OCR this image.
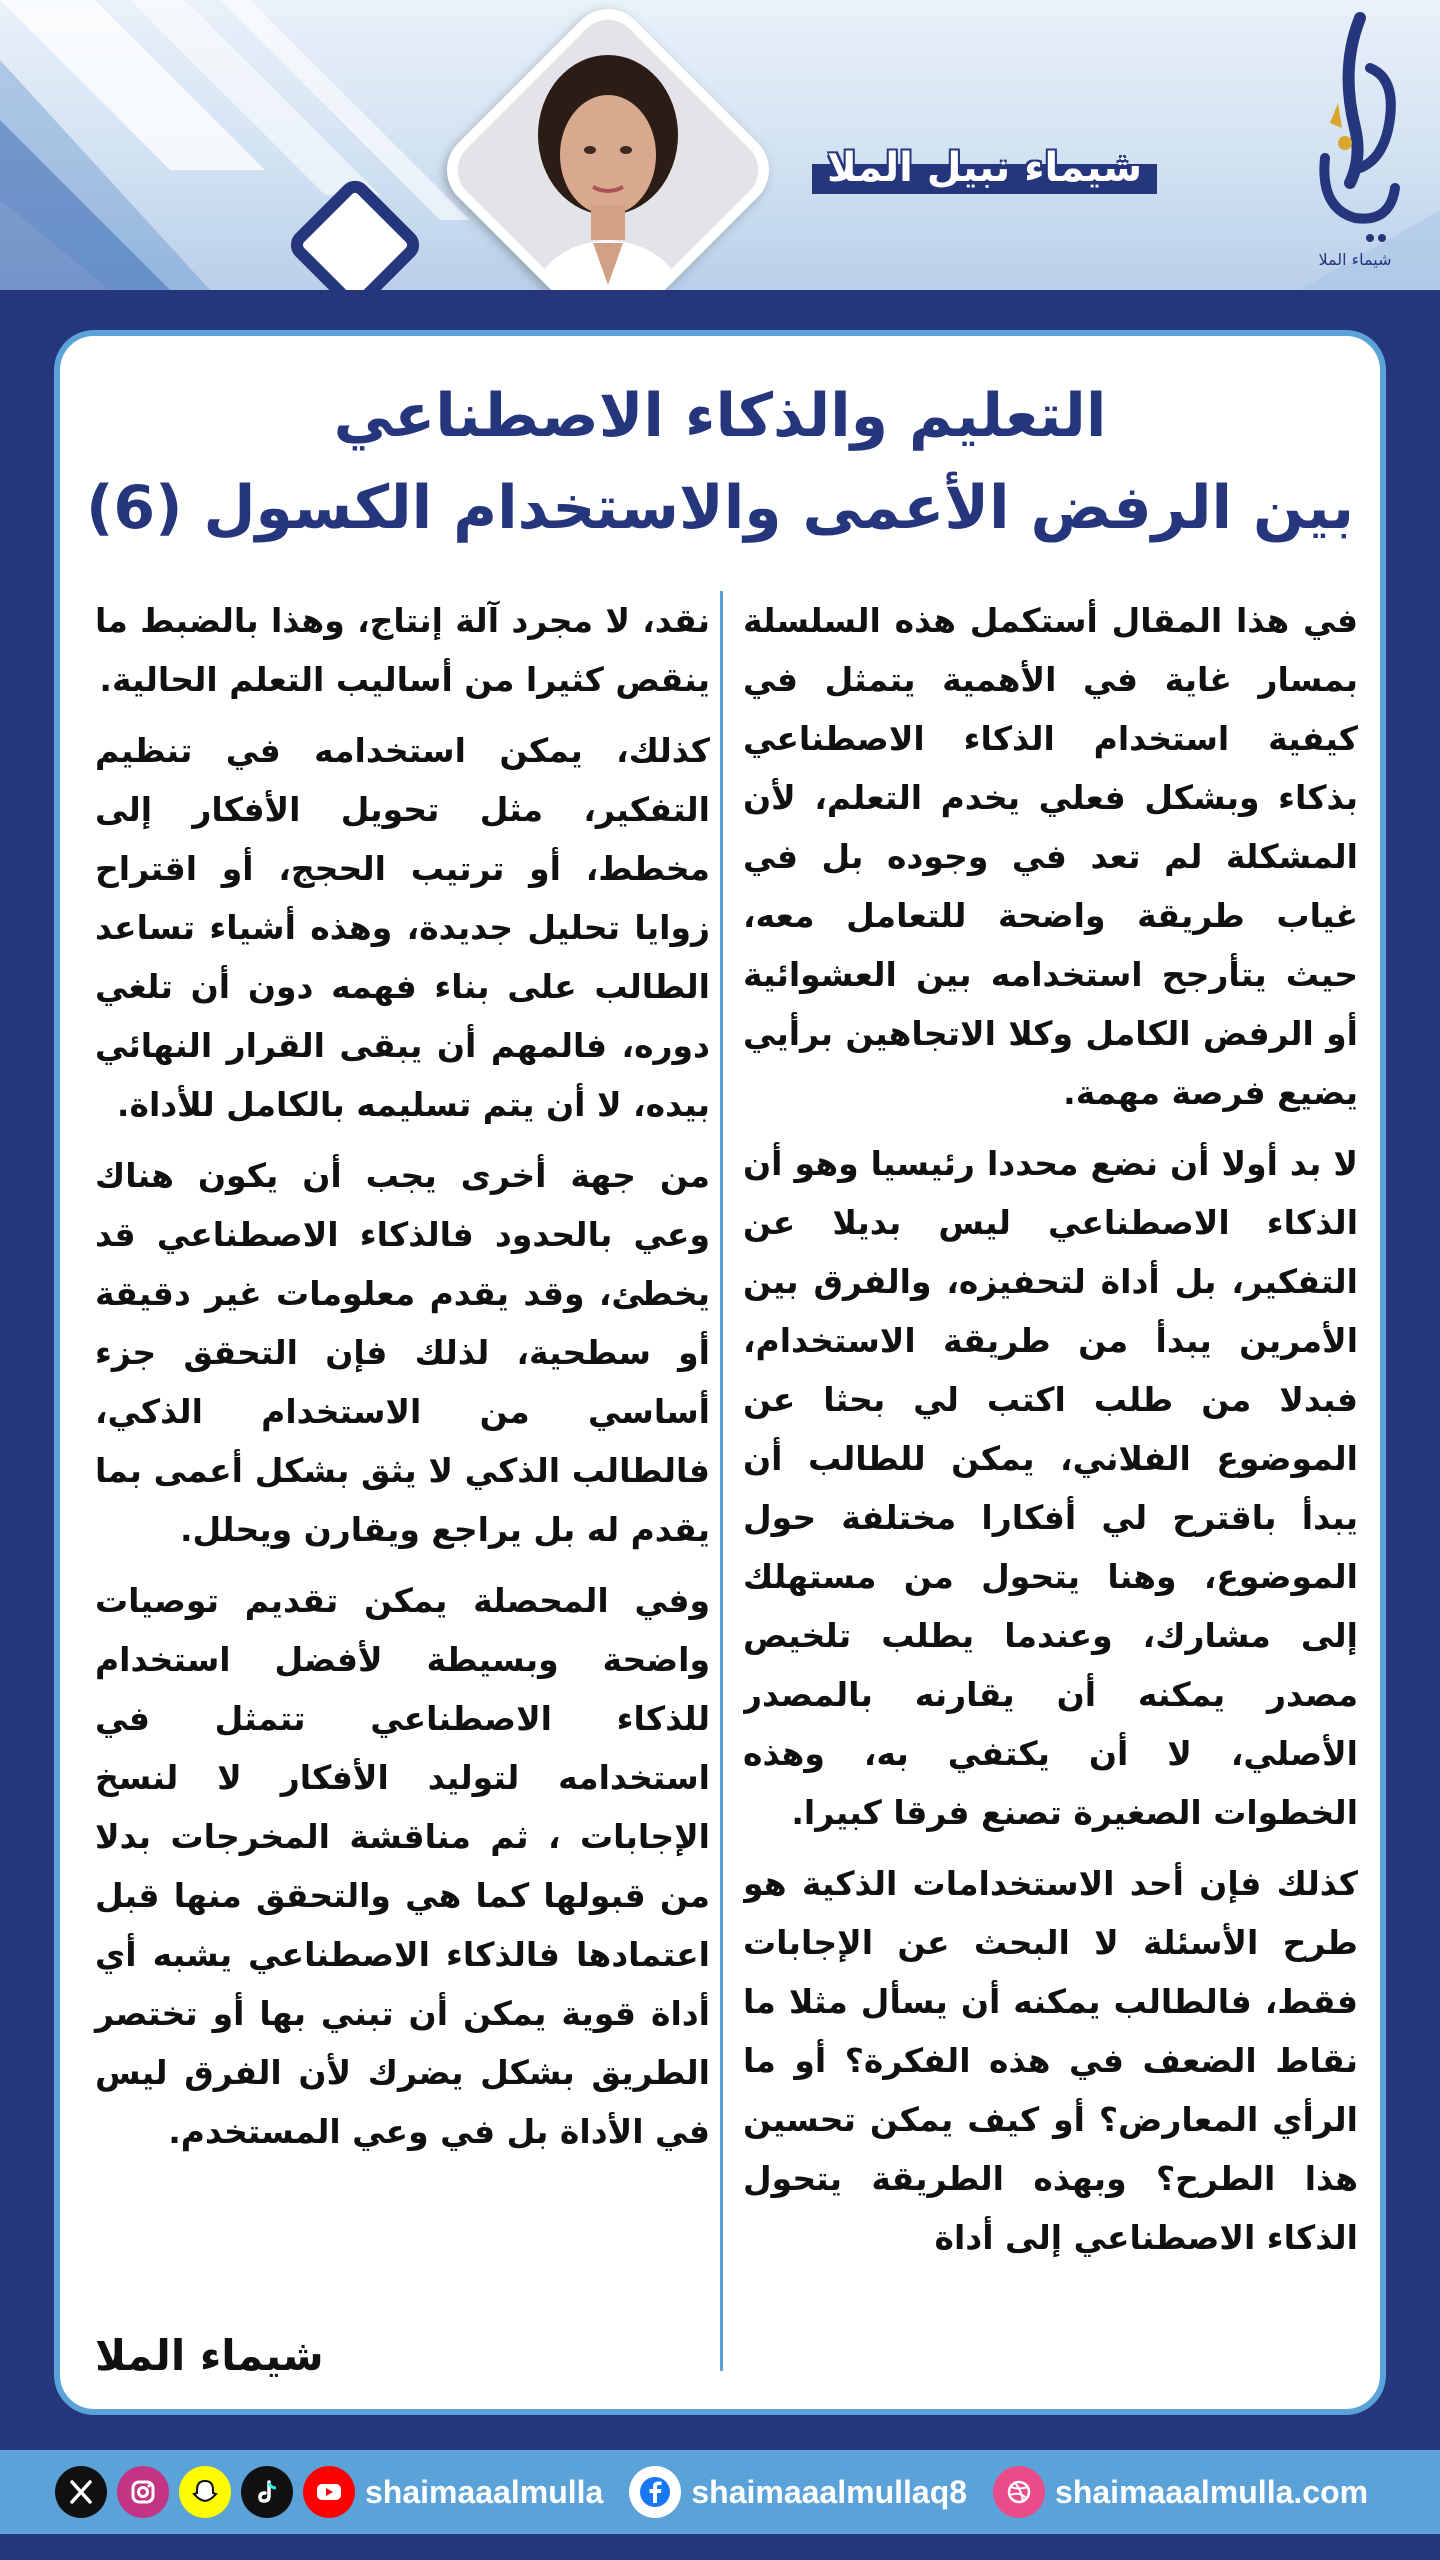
شيماء نبيل الملا
شيماء الملا
التعليم والذكاء الاصطناعي
بين الرفض الأعمى والاستخدام الكسول (6)

في هذا المقال أستكمل هذه السلسلة بمسار غاية في الأهمية يتمثل في كيفية استخدام الذكاء الاصطناعي بذكاء وبشكل فعلي يخدم التعلم، لأن المشكلة لم تعد في وجوده بل في غياب طريقة واضحة للتعامل معه، حيث يتأرجح استخدامه بين العشوائية أو الرفض الكامل وكلا الاتجاهين برأيي يضيع فرصة مهمة.

لا بد أولا أن نضع محددا رئيسيا وهو أن الذكاء الاصطناعي ليس بديلا عن التفكير، بل أداة لتحفيزه، والفرق بين الأمرين يبدأ من طريقة الاستخدام، فبدلا من طلب اكتب لي بحثا عن الموضوع الفلاني، يمكن للطالب أن يبدأ باقترح لي أفكارا مختلفة حول الموضوع، وهنا يتحول من مستهلك إلى مشارك، وعندما يطلب تلخيص مصدر يمكنه أن يقارنه بالمصدر الأصلي، لا أن يكتفي به، وهذه الخطوات الصغيرة تصنع فرقا كبيرا.

كذلك فإن أحد الاستخدامات الذكية هو طرح الأسئلة لا البحث عن الإجابات فقط، فالطالب يمكنه أن يسأل مثلا ما نقاط الضعف في هذه الفكرة؟ أو ما الرأي المعارض؟ أو كيف يمكن تحسين هذا الطرح؟ وبهذه الطريقة يتحول الذكاء الاصطناعي إلى أداة

نقد، لا مجرد آلة إنتاج، وهذا بالضبط ما ينقص كثيرا من أساليب التعلم الحالية.

كذلك، يمكن استخدامه في تنظيم التفكير، مثل تحويل الأفكار إلى مخطط، أو ترتيب الحجج، أو اقتراح زوايا تحليل جديدة، وهذه أشياء تساعد الطالب على بناء فهمه دون أن تلغي دوره، فالمهم أن يبقى القرار النهائي بيده، لا أن يتم تسليمه بالكامل للأداة.

من جهة أخرى يجب أن يكون هناك وعي بالحدود فالذكاء الاصطناعي قد يخطئ، وقد يقدم معلومات غير دقيقة أو سطحية، لذلك فإن التحقق جزء أساسي من الاستخدام الذكي، فالطالب الذكي لا يثق بشكل أعمى بما يقدم له بل يراجع ويقارن ويحلل.

وفي المحصلة يمكن تقديم توصيات واضحة وبسيطة لأفضل استخدام للذكاء الاصطناعي تتمثل في استخدامه لتوليد الأفكار لا لنسخ الإجابات ، ثم مناقشة المخرجات بدلا من قبولها كما هي والتحقق منها قبل اعتمادها فالذكاء الاصطناعي يشبه أي أداة قوية يمكن أن تبني بها أو تختصر الطريق بشكل يضرك لأن الفرق ليس في الأداة بل في وعي المستخدم.

شيماء الملا
shaimaaalmulla	shaimaaalmullaq8	shaimaaalmulla.com
